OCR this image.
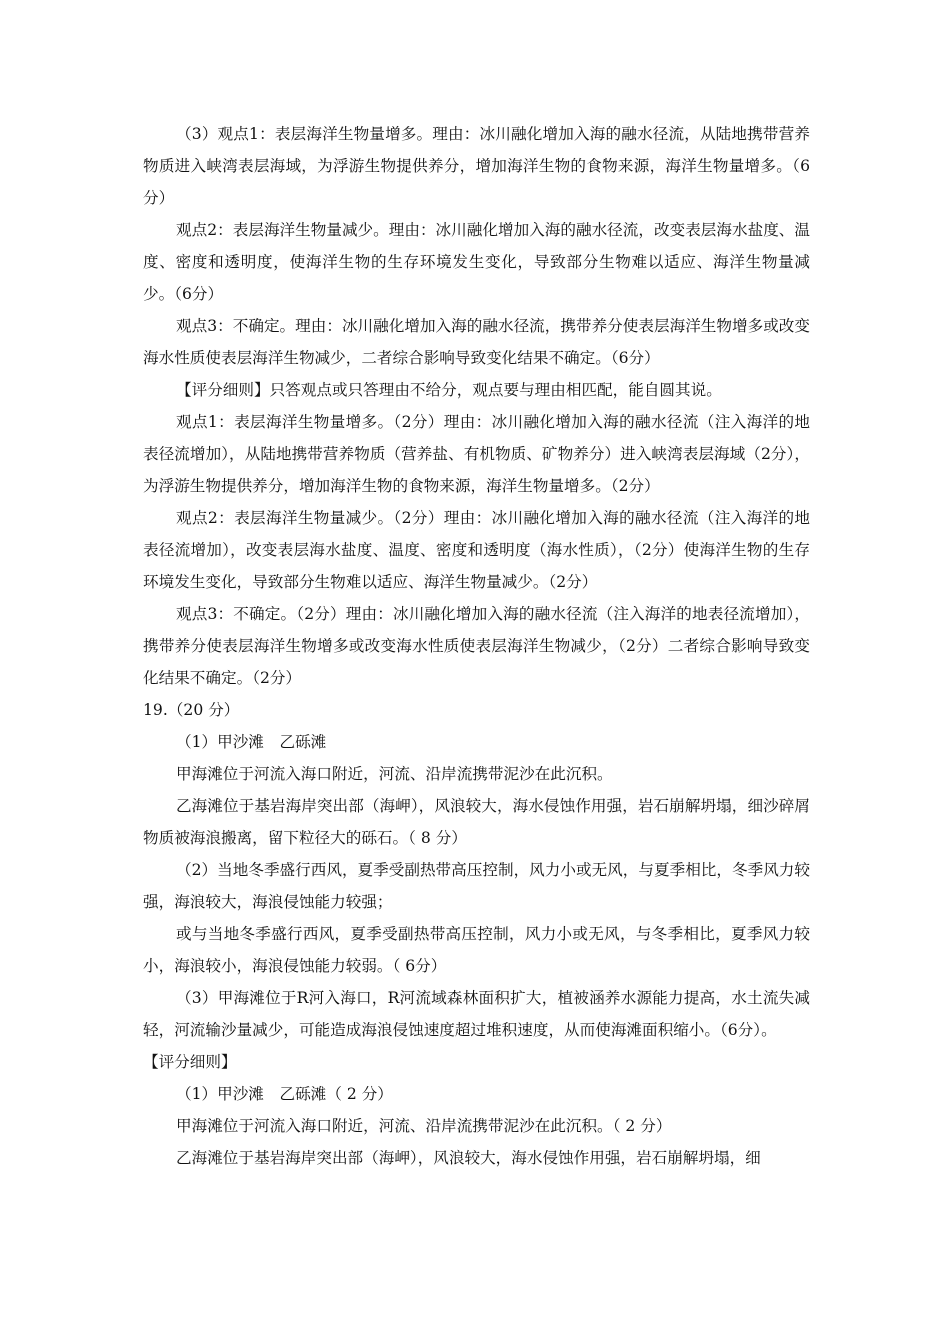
（3）观点1：表层海洋生物量增多。理由：冰川融化增加入海的融水径流，从陆地携带营养物质进入峡湾表层海域，为浮游生物提供养分，增加海洋生物的食物来源，海洋生物量增多。（6分）

观点2：表层海洋生物量减少。理由：冰川融化增加入海的融水径流，改变表层海水盐度、温度、密度和透明度，使海洋生物的生存环境发生变化，导致部分生物难以适应、海洋生物量减少。（6分）

观点3：不确定。理由：冰川融化增加入海的融水径流，携带养分使表层海洋生物增多或改变海水性质使表层海洋生物减少，二者综合影响导致变化结果不确定。（6分）

【评分细则】只答观点或只答理由不给分，观点要与理由相匹配，能自圆其说。

观点1：表层海洋生物量增多。（2分）理由：冰川融化增加入海的融水径流（注入海洋的地表径流增加），从陆地携带营养物质（营养盐、有机物质、矿物养分）进入峡湾表层海域（2分），为浮游生物提供养分，增加海洋生物的食物来源，海洋生物量增多。（2分）

观点2：表层海洋生物量减少。（2分）理由：冰川融化增加入海的融水径流（注入海洋的地表径流增加），改变表层海水盐度、温度、密度和透明度（海水性质），（2分）使海洋生物的生存环境发生变化，导致部分生物难以适应、海洋生物量减少。（2分）

观点3：不确定。（2分）理由：冰川融化增加入海的融水径流（注入海洋的地表径流增加），携带养分使表层海洋生物增多或改变海水性质使表层海洋生物减少，（2分）二者综合影响导致变化结果不确定。（2分）

19.（20 分）

（1）甲沙滩　乙砾滩

甲海滩位于河流入海口附近，河流、沿岸流携带泥沙在此沉积。

乙海滩位于基岩海岸突出部（海岬），风浪较大，海水侵蚀作用强，岩石崩解坍塌，细沙碎屑物质被海浪搬离，留下粒径大的砾石。（ 8 分）

（2）当地冬季盛行西风，夏季受副热带高压控制，风力小或无风，与夏季相比，冬季风力较强，海浪较大，海浪侵蚀能力较强；

或与当地冬季盛行西风，夏季受副热带高压控制，风力小或无风，与冬季相比，夏季风力较小，海浪较小，海浪侵蚀能力较弱。（ 6分）

（3）甲海滩位于R河入海口，R河流域森林面积扩大，植被涵养水源能力提高，水土流失减轻，河流输沙量减少，可能造成海浪侵蚀速度超过堆积速度，从而使海滩面积缩小。（6分）。

【评分细则】

（1）甲沙滩　乙砾滩（ 2 分）

甲海滩位于河流入海口附近，河流、沿岸流携带泥沙在此沉积。（ 2 分）

乙海滩位于基岩海岸突出部（海岬），风浪较大，海水侵蚀作用强，岩石崩解坍塌，细
